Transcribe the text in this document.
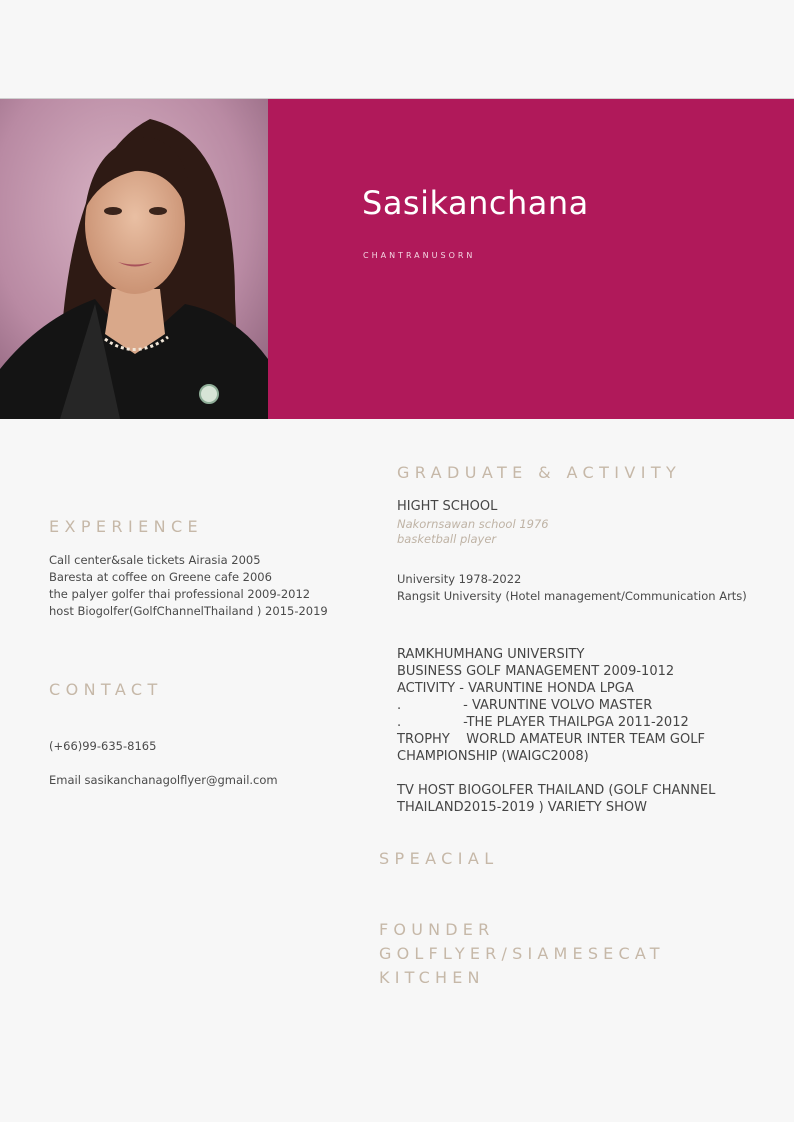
Sasikanchana
CHANTRANUSORN
EXPERIENCE
Call center&sale tickets Airasia 2005
Baresta at coffee on Greene cafe 2006
the palyer golfer thai professional 2009-2012
host Biogolfer(GolfChannelThailand ) 2015-2019
CONTACT
(+66)99-635-8165
Email sasikanchanagolflyer@gmail.com
GRADUATE & ACTIVITY
HIGHT SCHOOL
Nakornsawan school 1976
basketball player
University 1978-2022
Rangsit University (Hotel management/Communication Arts)
RAMKHUMHANG UNIVERSITY
BUSINESS GOLF MANAGEMENT 2009-1012
ACTIVITY - VARUNTINE HONDA LPGA
.               - VARUNTINE VOLVO MASTER
.               -THE PLAYER THAILPGA 2011-2012
TROPHY    WORLD AMATEUR INTER TEAM GOLF
CHAMPIONSHIP (WAIGC2008)
TV HOST BIOGOLFER THAILAND (GOLF CHANNEL
THAILAND2015-2019 ) VARIETY SHOW
SPEACIAL
FOUNDER
GOLFLYER/SIAMESECAT
KITCHEN
